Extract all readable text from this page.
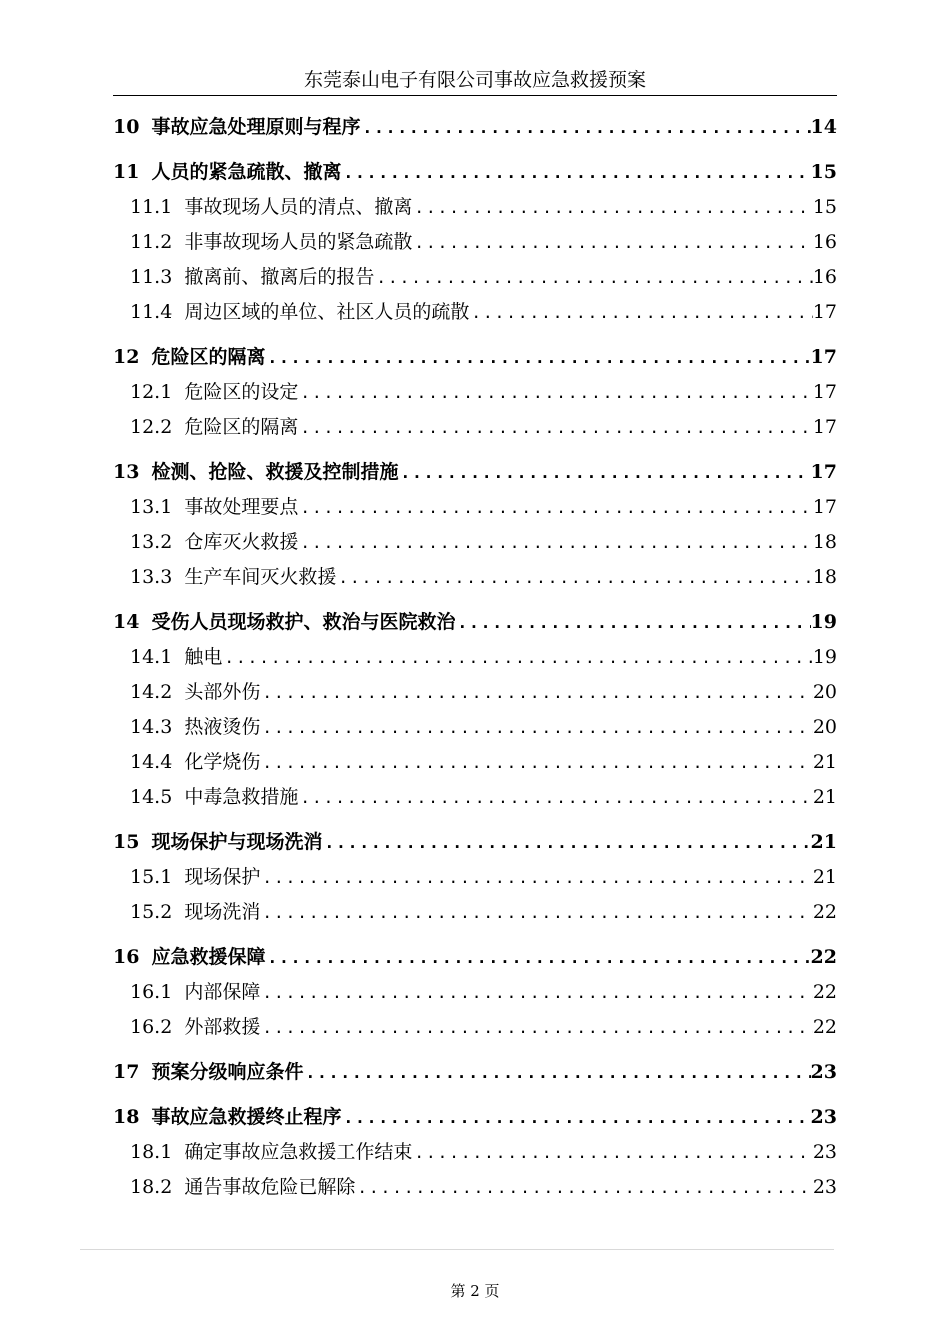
东莞泰山电子有限公司事故应急救援预案
10 事故应急处理原则与程序 .....	14
11 人员的紧急疏散、撤离 .....	15
11.1 事故现场人员的清点、撤离 .....	15
11.2 非事故现场人员的紧急疏散 .....	16
11.3 撤离前、撤离后的报告 .....	16
11.4 周边区域的单位、社区人员的疏散 .....	17
12 危险区的隔离 .....	17
12.1 危险区的设定 .....	17
12.2 危险区的隔离 .....	17
13 检测、抢险、救援及控制措施 .....	17
13.1 事故处理要点 .....	17
13.2 仓库灭火救援 .....	18
13.3 生产车间灭火救援 .....	18
14 受伤人员现场救护、救治与医院救治 .....	19
14.1 触电 .....	19
14.2 头部外伤 .....	20
14.3 热液烫伤 .....	20
14.4 化学烧伤 .....	21
14.5 中毒急救措施 .....	21
15 现场保护与现场洗消 .....	21
15.1 现场保护 .....	21
15.2 现场洗消 .....	22
16 应急救援保障 .....	22
16.1 内部保障 .....	22
16.2 外部救援 .....	22
17 预案分级响应条件 .....	23
18 事故应急救援终止程序 .....	23
18.1 确定事故应急救援工作结束 .....	23
18.2 通告事故危险已解除 .....	23
第 2 页
